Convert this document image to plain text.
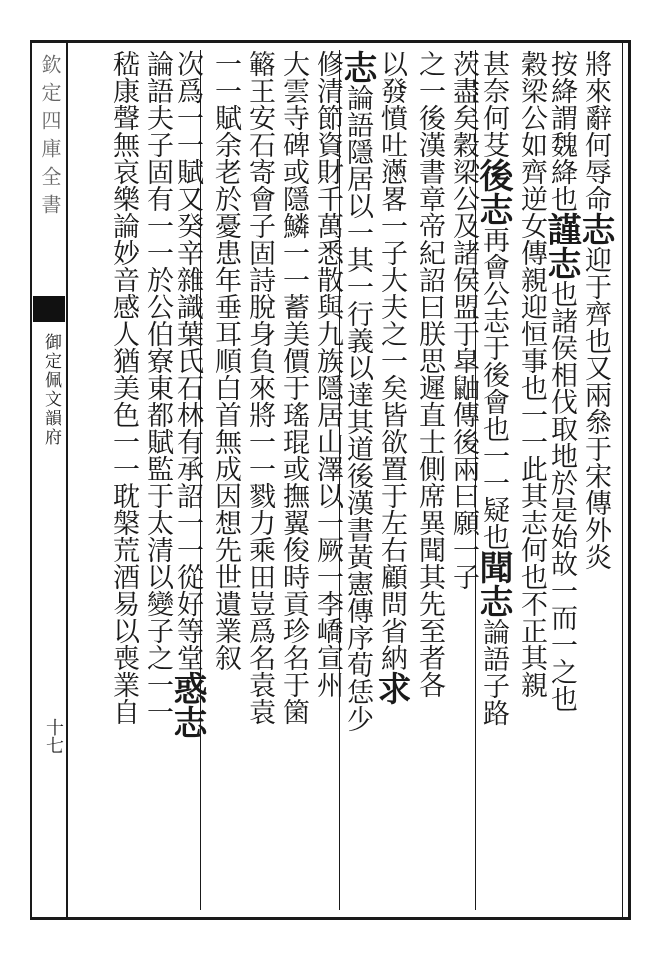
欽定四庫全書
御定佩文韻府
十七
將來辭何辱命志迎于齊也又兩叅于宋傳外炎
按絳謂魏絳也謹志也諸侯相伐取地於是始故一而一之也
穀梁公如齊逆女傳親迎恒事也一一此其志何也不正其親
甚奈何芟後志再會公志于後會也一一疑也聞志論語子路
茨盡矣穀梁公及諸侯盟于皐鼬傳後兩曰願一子
之一後漢書章帝紀詔曰朕思遲直士側席異聞其先至者各
以發憤吐懣畧一子大夫之一矣皆欲置于左右顧問省納求
志論語隱居以一其一行義以達其道後漢書黃憲傳序荀恁少
修清節資財千萬悉散與九族隱居山澤以一厥一李嶠宣州
大雲寺碑或隱鱗一一蓄美價于瑤琨或撫翼俊時貢珍名于箘
簵王安石寄會子固詩脫身負來將一一戮力乘田豈爲名袁袁
一一賦余老於憂患年垂耳順白首無成因想先世遺業叙
次爲一一賦又癸辛雜識葉氏石林有承詔一一從好等堂惑志
論語夫子固有一一於公伯寮東都賦監于太清以變子之一一
嵇康聲無哀樂論妙音感人猶美色一一耽槃荒酒易以喪業自
